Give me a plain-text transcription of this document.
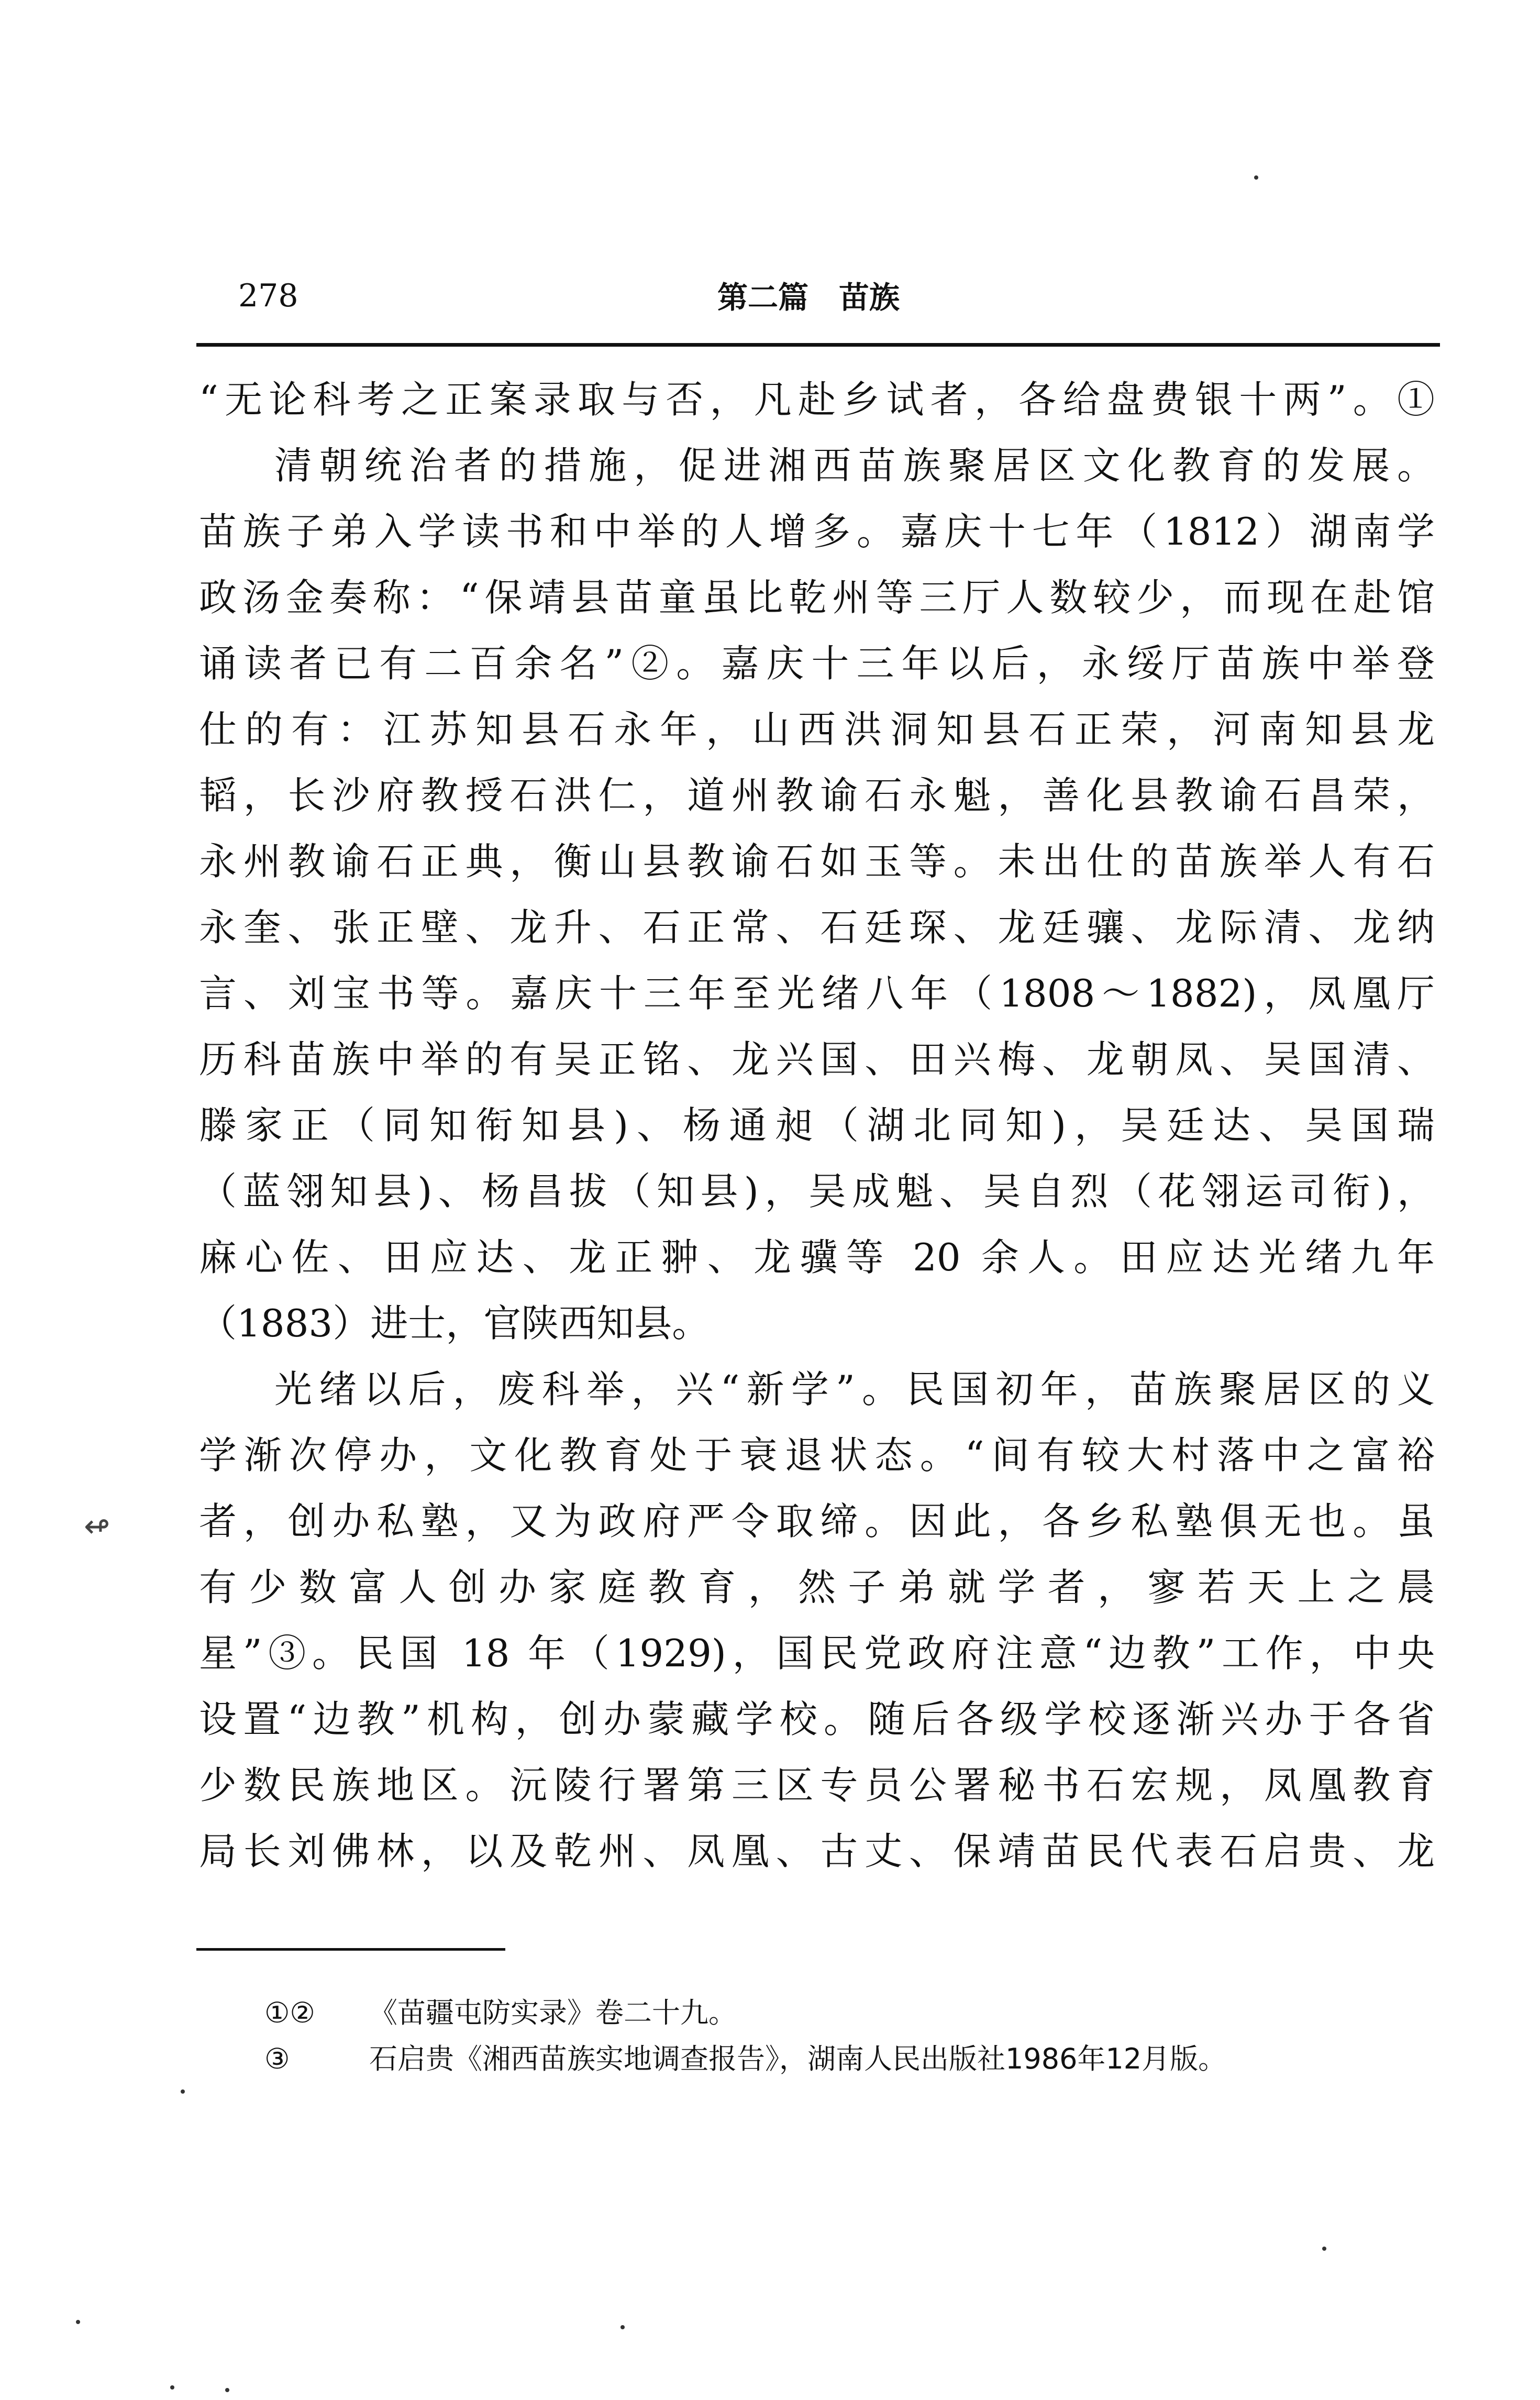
278	第二篇　苗族
“无论科考之正案录取与否，凡赴乡试者，各给盘费银十两”。①
清朝统治者的措施，促进湘西苗族聚居区文化教育的发展。
苗族子弟入学读书和中举的人增多。嘉庆十七年（1812）湖南学
政汤金奏称：“保靖县苗童虽比乾州等三厅人数较少，而现在赴馆
诵读者已有二百余名”②。嘉庆十三年以后，永绥厅苗族中举登
仕的有：江苏知县石永年，山西洪洞知县石正荣，河南知县龙
韬，长沙府教授石洪仁，道州教谕石永魁，善化县教谕石昌荣，
永州教谕石正典，衡山县教谕石如玉等。未出仕的苗族举人有石
永奎、张正壁、龙升、石正常、石廷琛、龙廷骧、龙际清、龙纳
言、刘宝书等。嘉庆十三年至光绪八年（1808～1882)，凤凰厅
历科苗族中举的有吴正铭、龙兴国、田兴梅、龙朝凤、吴国清、
滕家正（同知衔知县)、杨通昶（湖北同知)，吴廷达、吴国瑞
（蓝翎知县)、杨昌拔（知县)，吴成魁、吴自烈（花翎运司衔)，
麻心佐、田应达、龙正翀、龙骥等 20 余人。田应达光绪九年
（1883）进士，官陕西知县。
光绪以后，废科举，兴“新学”。民国初年，苗族聚居区的义
学渐次停办，文化教育处于衰退状态。“间有较大村落中之富裕
者，创办私塾，又为政府严令取缔。因此，各乡私塾俱无也。虽
有少数富人创办家庭教育，然子弟就学者，寥若天上之晨
星”③。民国 18 年（1929)，国民党政府注意“边教”工作，中央
设置“边教”机构，创办蒙藏学校。随后各级学校逐渐兴办于各省
少数民族地区。沅陵行署第三区专员公署秘书石宏规，凤凰教育
局长刘佛林，以及乾州、凤凰、古丈、保靖苗民代表石启贵、龙
①② 《苗疆屯防实录》卷二十九。
③	石启贵《湘西苗族实地调查报告》，湖南人民出版社1986年12月版。
↫
